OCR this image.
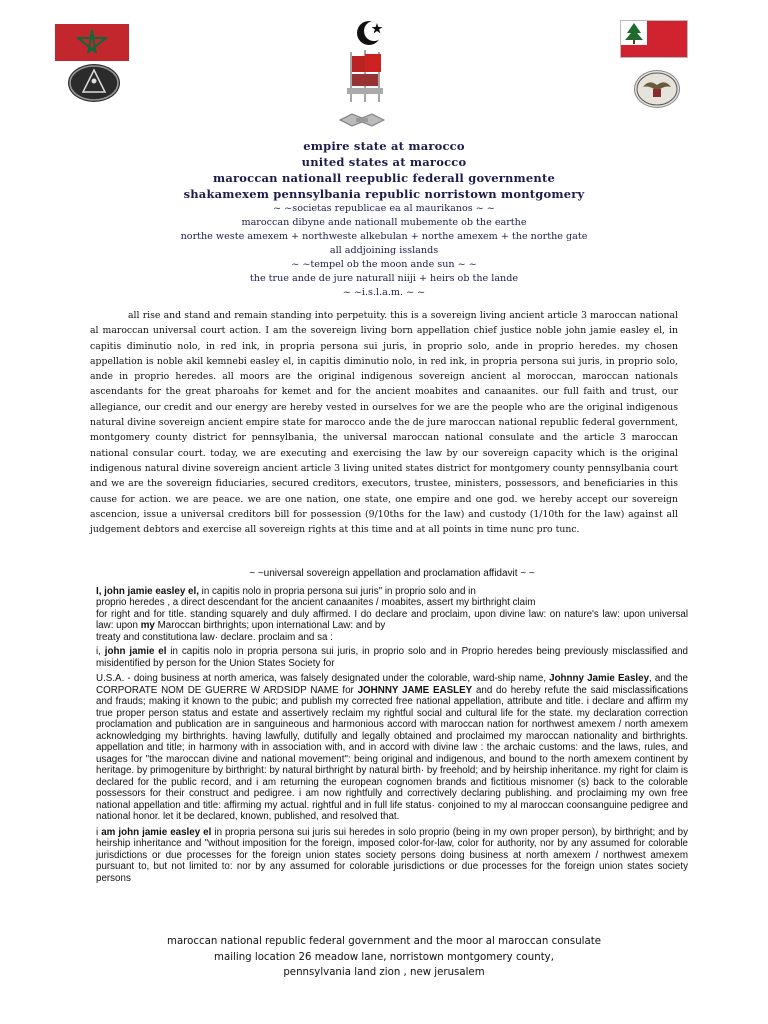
empire state at marocco
united states at marocco
maroccan nationall reepublic federall governmente
shakamexem pennsylbania republic norristown montgomery
~ ~societas republicae ea al maurikanos ~ ~
maroccan dibyne ande nationall mubemente ob the earthe
northe weste amexem + northweste alkebulan + northe amexem + the northe gate
all addjoining isslands
~ ~tempel ob the moon ande sun ~ ~
the true ande de jure naturall niiji + heirs ob the lande
~ ~i.s.l.a.m. ~ ~

all rise and stand and remain standing into perpetuity. this is a sovereign living ancient article 3 maroccan national al maroccan universal court action. I am the sovereign living born appellation chief justice noble john jamie easley el, in capitis diminutio nolo, in red ink, in propria persona sui juris, in proprio solo, ande in proprio heredes. my chosen appellation is noble akil kemnebi easley el, in capitis diminutio nolo, in red ink, in propria persona sui juris, in proprio solo, ande in proprio heredes. all moors are the original indigenous sovereign ancient al moroccan, maroccan nationals ascendants for the great pharoahs for kemet and for the ancient moabites and canaanites. our full faith and trust, our allegiance, our credit and our energy are hereby vested in ourselves for we are the people who are the original indigenous natural divine sovereign ancient empire state for marocco ande the de jure maroccan national republic federal government, montgomery county district for pennsylbania, the universal maroccan national consulate and the article 3 maroccan national consular court. today, we are executing and exercising the law by our sovereign capacity which is the original indigenous natural divine sovereign ancient article 3 living united states district for montgomery county pennsylbania court and we are the sovereign fiduciaries, secured creditors, executors, trustee, ministers, possessors, and beneficiaries in this cause for action. we are peace. we are one nation, one state, one empire and one god. we hereby accept our sovereign ascencion, issue a universal creditors bill for possession (9/10ths for the law) and custody (1/10th for the law) against all judgement debtors and exercise all sovereign rights at this time and at all points in time nunc pro tunc.

~ ~universal sovereign appellation and proclamation affidavit ~ ~

I, john jamie easley el, in capitis nolo in propria persona sui juris" in proprio solo and in
proprio heredes , a direct descendant for the ancient canaanites / moabites, assert my birthright claim
for right and for title. standing squarely and duly affirmed. I do declare and proclaim, upon divine law: on nature's law: upon universal law: upon my Maroccan birthrights; upon international Law: and by
treaty and constitutiona law· declare. proclaim and sa :

i, john jamie el in capitis nolo in propria persona sui juris, in proprio solo and in Proprio heredes being previously misclassified and misidentified by person for the Union States Society for

U.S.A. - doing business at north america, was falsely designated under the colorable, ward-ship name, Johnny Jamie Easley, and the CORPORATE NOM DE GUERRE W ARDSIDP NAME for JOHNNY JAME EASLEY and do hereby refute the said misclassifications and frauds; making it known to the pubic; and publish my corrected free national appellation, attribute and title. i declare and affirm my true proper person status and estate and assertively reclaim my rightful social and cultural life for the state. my declaration correction proclamation and publication are in sanguineous and harmonious accord with maroccan nation for northwest amexem / north amexem acknowledging my birthrights. having lawfully, dutifully and legally obtained and proclaimed my maroccan nationality and birthrights. appellation and title; in harmony with in association with, and in accord with divine law : the archaic customs: and the laws, rules, and usages for "the maroccan divine and national movement": being original and indigenous, and bound to the north amexem continent by heritage. by primogeniture by birthright: by natural birthright by natural birth· by freehold; and by heirship inheritance. my right for claim is declared for the public record, and i am returning the european cognomen brands and fictitious misnomer (s) back to the colorable possessors for their construct and pedigree. i am now rightfully and correctively declaring publishing. and proclaiming my own free national appellation and title: affirming my actual. rightful and in full life status· conjoined to my al maroccan coonsanguine pedigree and national honor. let it be declared, known, published, and resolved that.

i am john jamie easley el in propria persona sui juris sui heredes in solo proprio (being in my own proper person), by birthright; and by heirship inheritance and "without imposition for the foreign, imposed color-for-law, color for authority, nor by any assumed for colorable jurisdictions or due processes for the foreign union states society persons doing business at north amexem / northwest amexem pursuant to, but not limited to: nor by any assumed for colorable jurisdictions or due processes for the foreign union states society persons

maroccan national republic federal government and the moor al maroccan consulate
mailing location 26 meadow lane, norristown montgomery county,
pennsylvania land zion , new jerusalem
